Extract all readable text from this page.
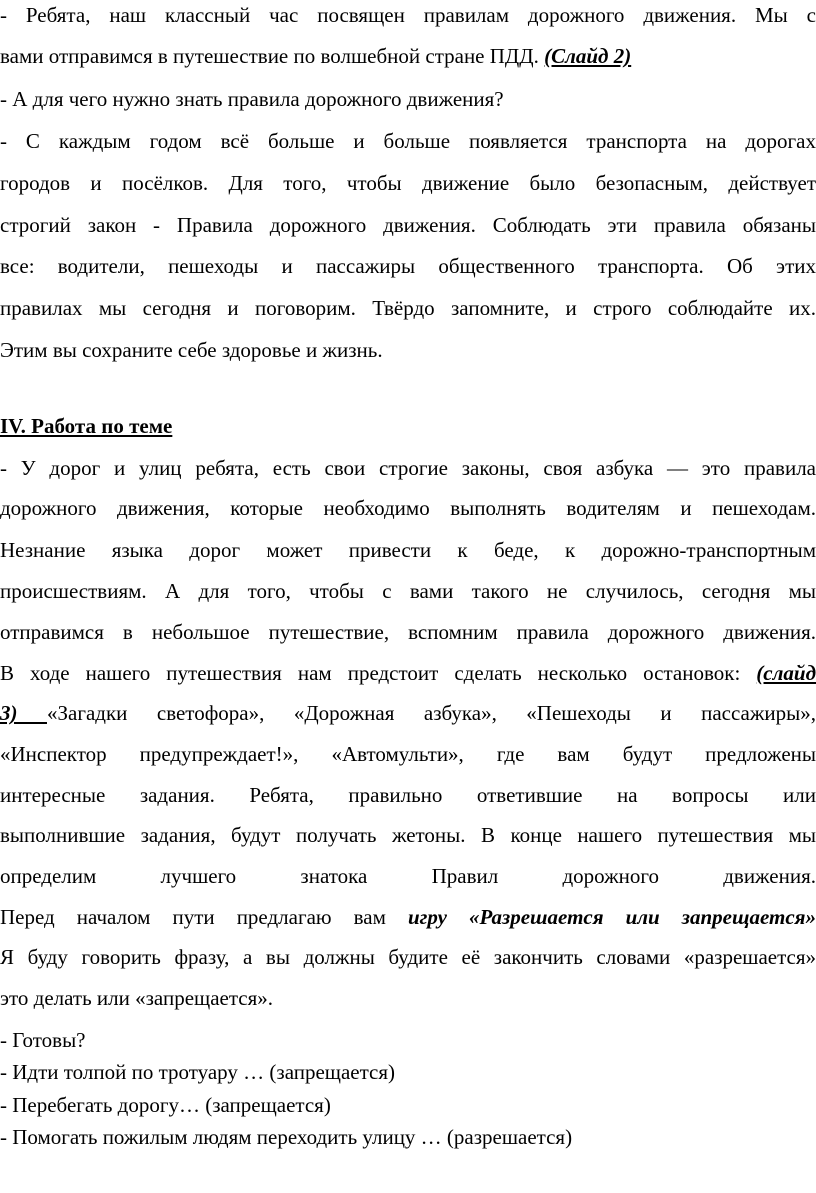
- Ребята, наш классный час посвящен правилам дорожного движения. Мы с
вами отправимся в путешествие по волшебной стране ПДД. (Слайд 2)
- А для чего нужно знать правила дорожного движения?
- С каждым годом всё больше и больше появляется транспорта на дорогах
городов и посёлков. Для того, чтобы движение было безопасным, действует
строгий закон - Правила дорожного движения. Соблюдать эти правила обязаны
все: водители, пешеходы и пассажиры общественного транспорта. Об этих
правилах мы сегодня и поговорим. Твёрдо запомните, и строго соблюдайте их.
Этим вы сохраните себе здоровье и жизнь.
IV. Работа по теме
- У дорог и улиц ребята, есть свои строгие законы, своя азбука — это правила
дорожного движения, которые необходимо выполнять водителям и пешеходам.
Незнание языка дорог может привести к беде, к дорожно-транспортным
происшествиям. А для того, чтобы с вами такого не случилось, сегодня мы
отправимся в небольшое путешествие, вспомним правила дорожного движения.
В ходе нашего путешествия нам предстоит сделать несколько остановок: (слайд
3) «Загадки светофора», «Дорожная азбука», «Пешеходы и пассажиры»,
«Инспектор предупреждает!», «Автомульти», где вам будут предложены
интересные задания. Ребята, правильно ответившие на вопросы или
выполнившие задания, будут получать жетоны. В конце нашего путешествия мы
определим лучшего знатока Правил дорожного движения.
Перед началом пути предлагаю вам игру «Разрешается или запрещается»
Я буду говорить фразу, а вы должны будите её закончить словами «разрешается»
это делать или «запрещается».
- Готовы?
- Идти толпой по тротуару … (запрещается)
- Перебегать дорогу… (запрещается)
- Помогать пожилым людям переходить улицу … (разрешается)
